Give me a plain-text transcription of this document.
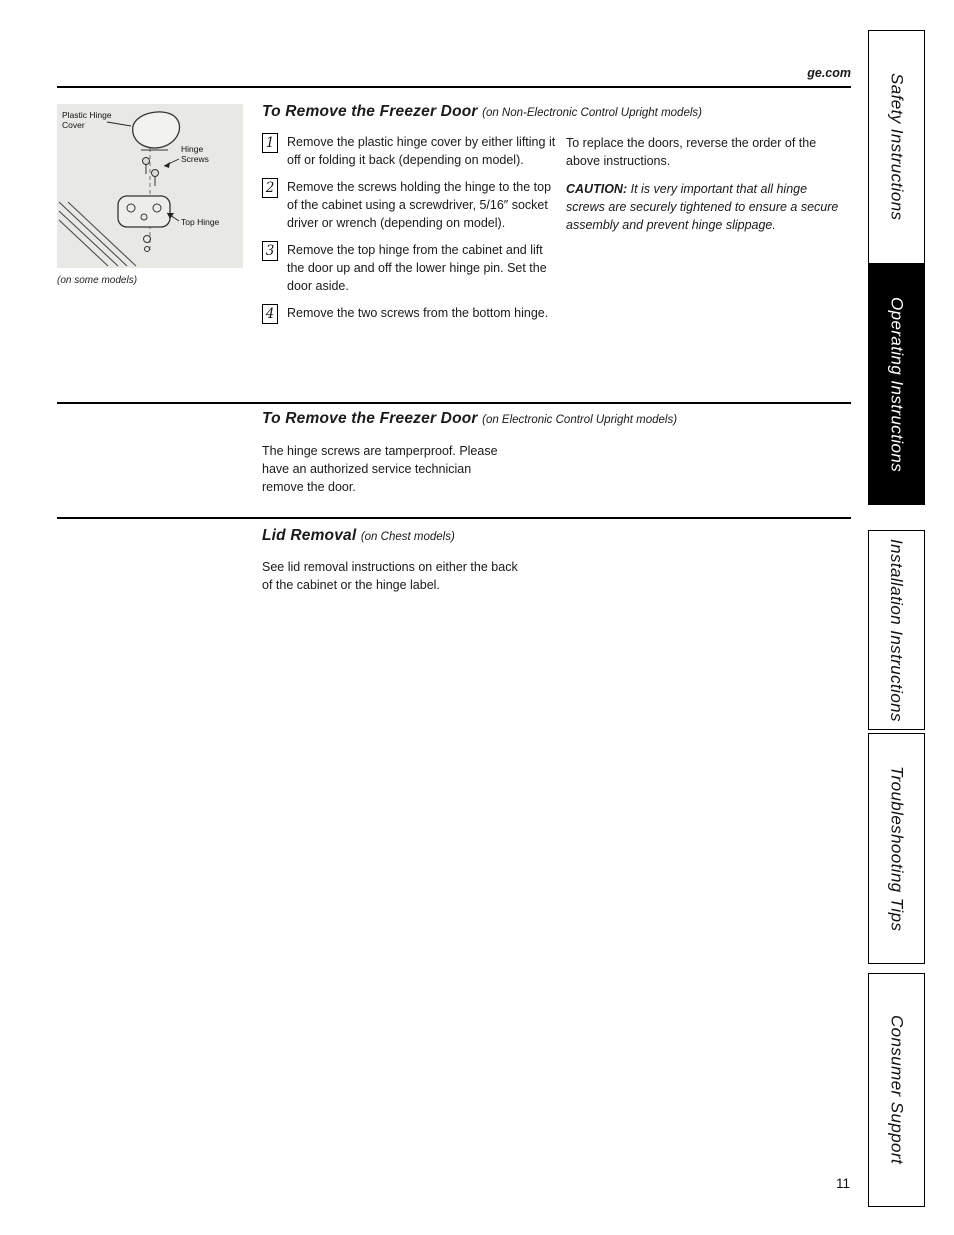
ge.com
Plastic Hinge
Cover
Hinge
Screws
Top Hinge
(on some models)
To Remove the Freezer Door (on Non-Electronic Control Upright models)
1 Remove the plastic hinge cover by either lifting it off or folding it back (depending on model).
2 Remove the screws holding the hinge to the top of the cabinet using a screwdriver, 5/16″ socket driver or wrench (depending on model).
3 Remove the top hinge from the cabinet and lift the door up and off the lower hinge pin. Set the door aside.
4 Remove the two screws from the bottom hinge.

To replace the doors, reverse the order of the above instructions.

CAUTION: It is very important that all hinge screws are securely tightened to ensure a secure assembly and prevent hinge slippage.

To Remove the Freezer Door (on Electronic Control Upright models)
The hinge screws are tamperproof. Please have an authorized service technician remove the door.
Lid Removal (on Chest models)
See lid removal instructions on either the back of the cabinet or the hinge label.
11
Safety Instructions
Operating Instructions
Installation Instructions
Troubleshooting Tips
Consumer Support
